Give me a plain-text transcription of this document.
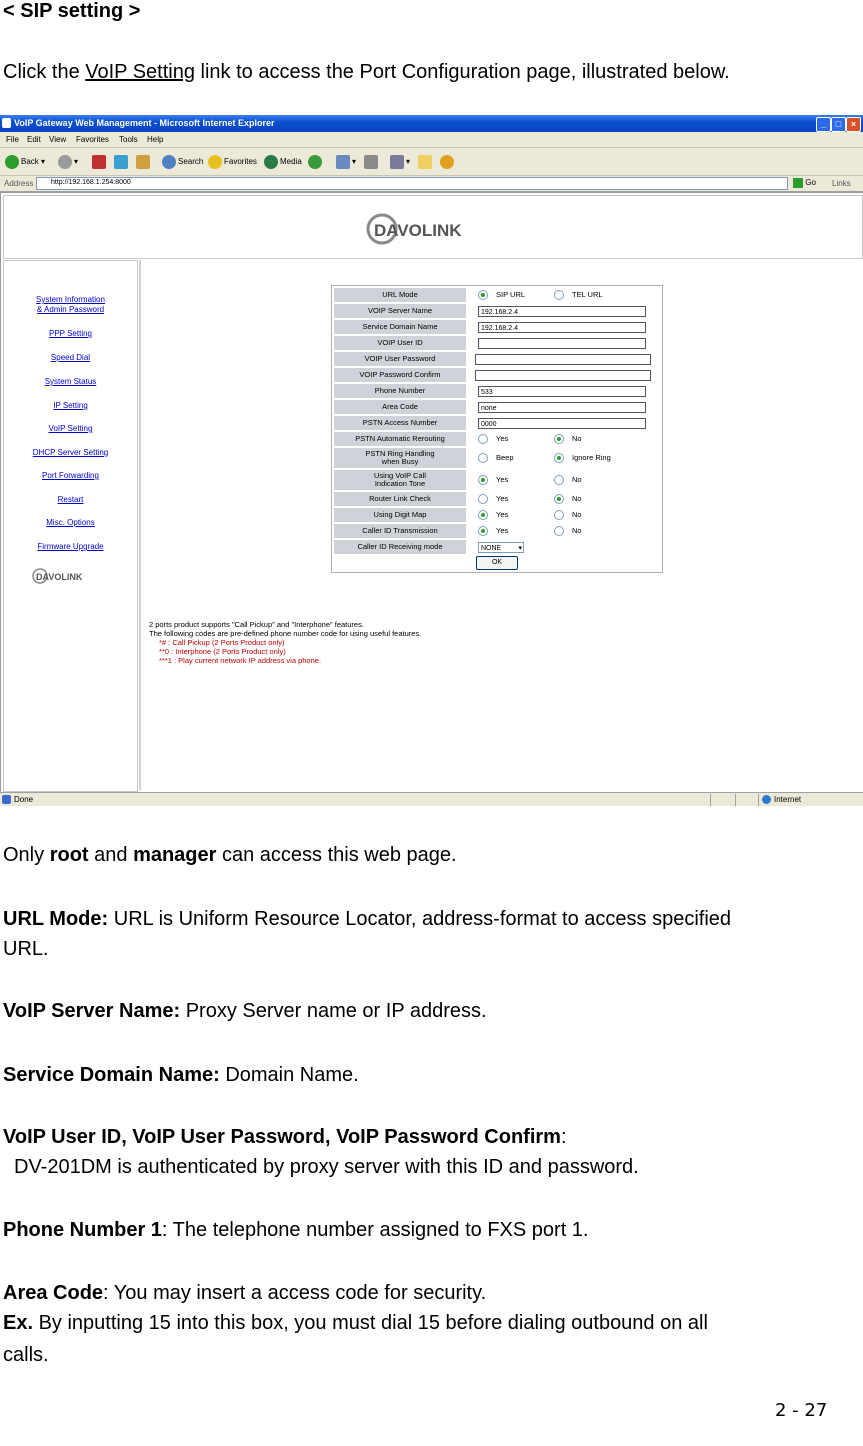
< SIP setting >
Click the VoIP Setting link to access the Port Configuration page, illustrated below.
VoIP Gateway Web Management - Microsoft Internet Explorer	_	□	×
File Edit View Favorites Tools Help
Back ▾	▾	Search	Favorites	Media	▾	▾
Address	http://192.168.1.254:8000	Go Links
DAVOLINK
System Information
& Admin Password
PPP Setting
Speed Dial
System Status
IP Setting
VoIP Setting
DHCP Server Setting
Port Forwarding
Restart
Misc. Options
Firmware Upgrade
DAVOLINK
URL Mode	SIP URL TEL URL
VOIP Server Name	192.168.2.4
Service Domain Name	192.168.2.4
VOIP User ID	
VOIP User Password	
VOIP Password Confirm	
Phone Number	533
Area Code	none
PSTN Access Number	0000
PSTN Automatic Rerouting	Yes No
PSTN Ring Handling
when Busy	Beep Ignore Ring
Using VoIP Call
Indication Tone	Yes No
Router Link Check	Yes No
Using Digit Map	Yes No
Caller ID Transmission	Yes No
Caller ID Receiving mode	NONE ▾
OK	
2 ports product supports "Call Pickup" and "Interphone" features.
The following codes are pre-defined phone number code for using useful features.
*# : Call Pickup (2 Ports Product only)
**0 : Interphone (2 Ports Product only)
***1 : Play current network IP address via phone.
Done	Internet
Only root and manager can access this web page.
URL Mode: URL is Uniform Resource Locator, address-format to access specified
URL.
VoIP Server Name: Proxy Server name or IP address.
Service Domain Name: Domain Name.
VoIP User ID, VoIP User Password, VoIP Password Confirm:
DV-201DM is authenticated by proxy server with this ID and password.
Phone Number 1: The telephone number assigned to FXS port 1.
Area Code: You may insert a access code for security.
Ex. By inputting 15 into this box, you must dial 15 before dialing outbound on all
calls.
2 - 27
